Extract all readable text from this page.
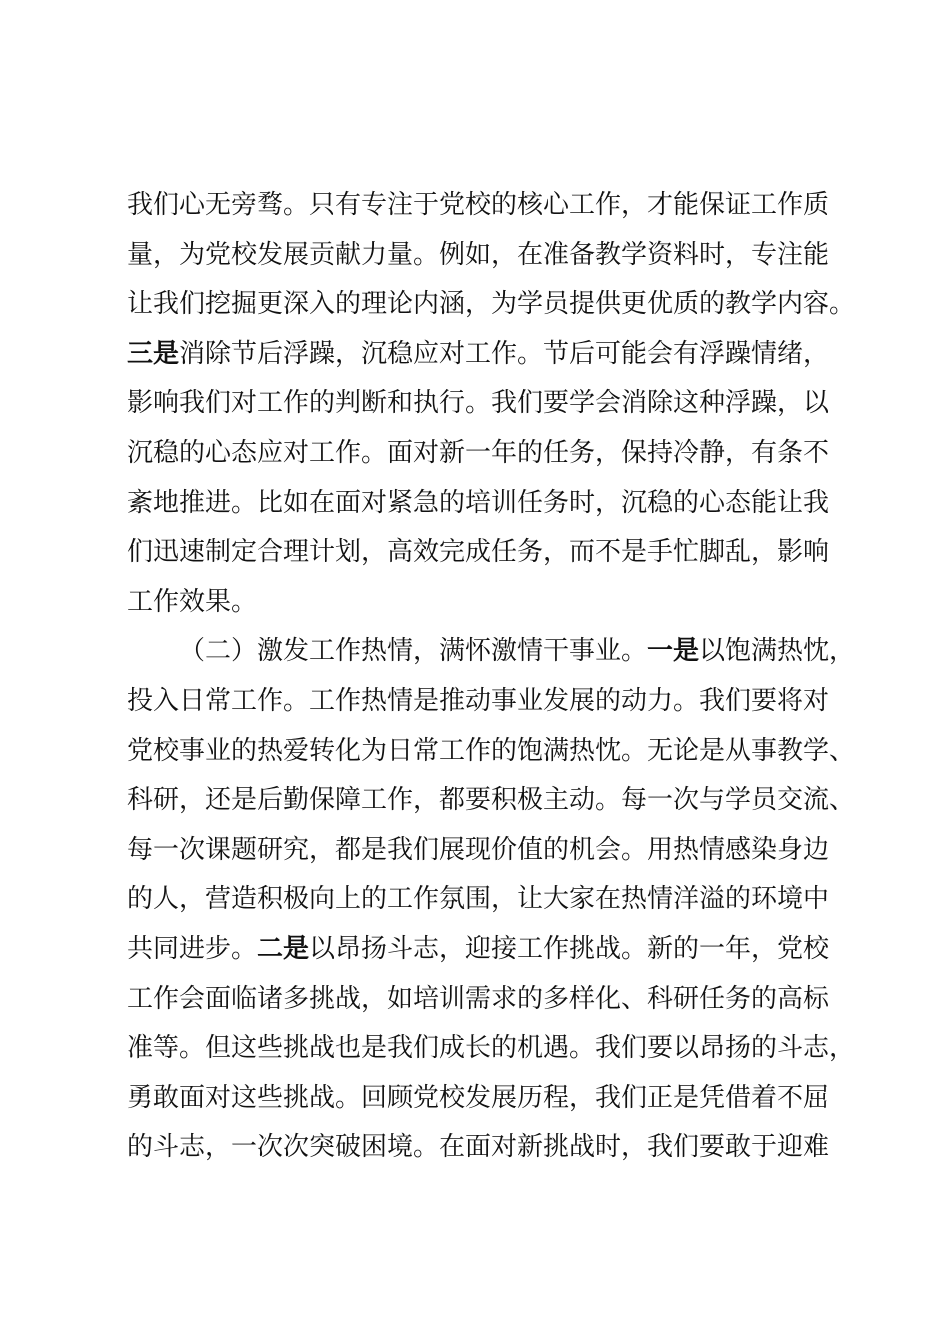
我们心无旁骛。只有专注于党校的核心工作，才能保证工作质
量，为党校发展贡献力量。例如，在准备教学资料时，专注能
让我们挖掘更深入的理论内涵，为学员提供更优质的教学内容。
三是消除节后浮躁，沉稳应对工作。节后可能会有浮躁情绪，
影响我们对工作的判断和执行。我们要学会消除这种浮躁，以
沉稳的心态应对工作。面对新一年的任务，保持冷静，有条不
紊地推进。比如在面对紧急的培训任务时，沉稳的心态能让我
们迅速制定合理计划，高效完成任务，而不是手忙脚乱，影响
工作效果。
（二）激发工作热情，满怀激情干事业。一是以饱满热忱，
投入日常工作。工作热情是推动事业发展的动力。我们要将对
党校事业的热爱转化为日常工作的饱满热忱。无论是从事教学、
科研，还是后勤保障工作，都要积极主动。每一次与学员交流、
每一次课题研究，都是我们展现价值的机会。用热情感染身边
的人，营造积极向上的工作氛围，让大家在热情洋溢的环境中
共同进步。二是以昂扬斗志，迎接工作挑战。新的一年，党校
工作会面临诸多挑战，如培训需求的多样化、科研任务的高标
准等。但这些挑战也是我们成长的机遇。我们要以昂扬的斗志，
勇敢面对这些挑战。回顾党校发展历程，我们正是凭借着不屈
的斗志，一次次突破困境。在面对新挑战时，我们要敢于迎难
